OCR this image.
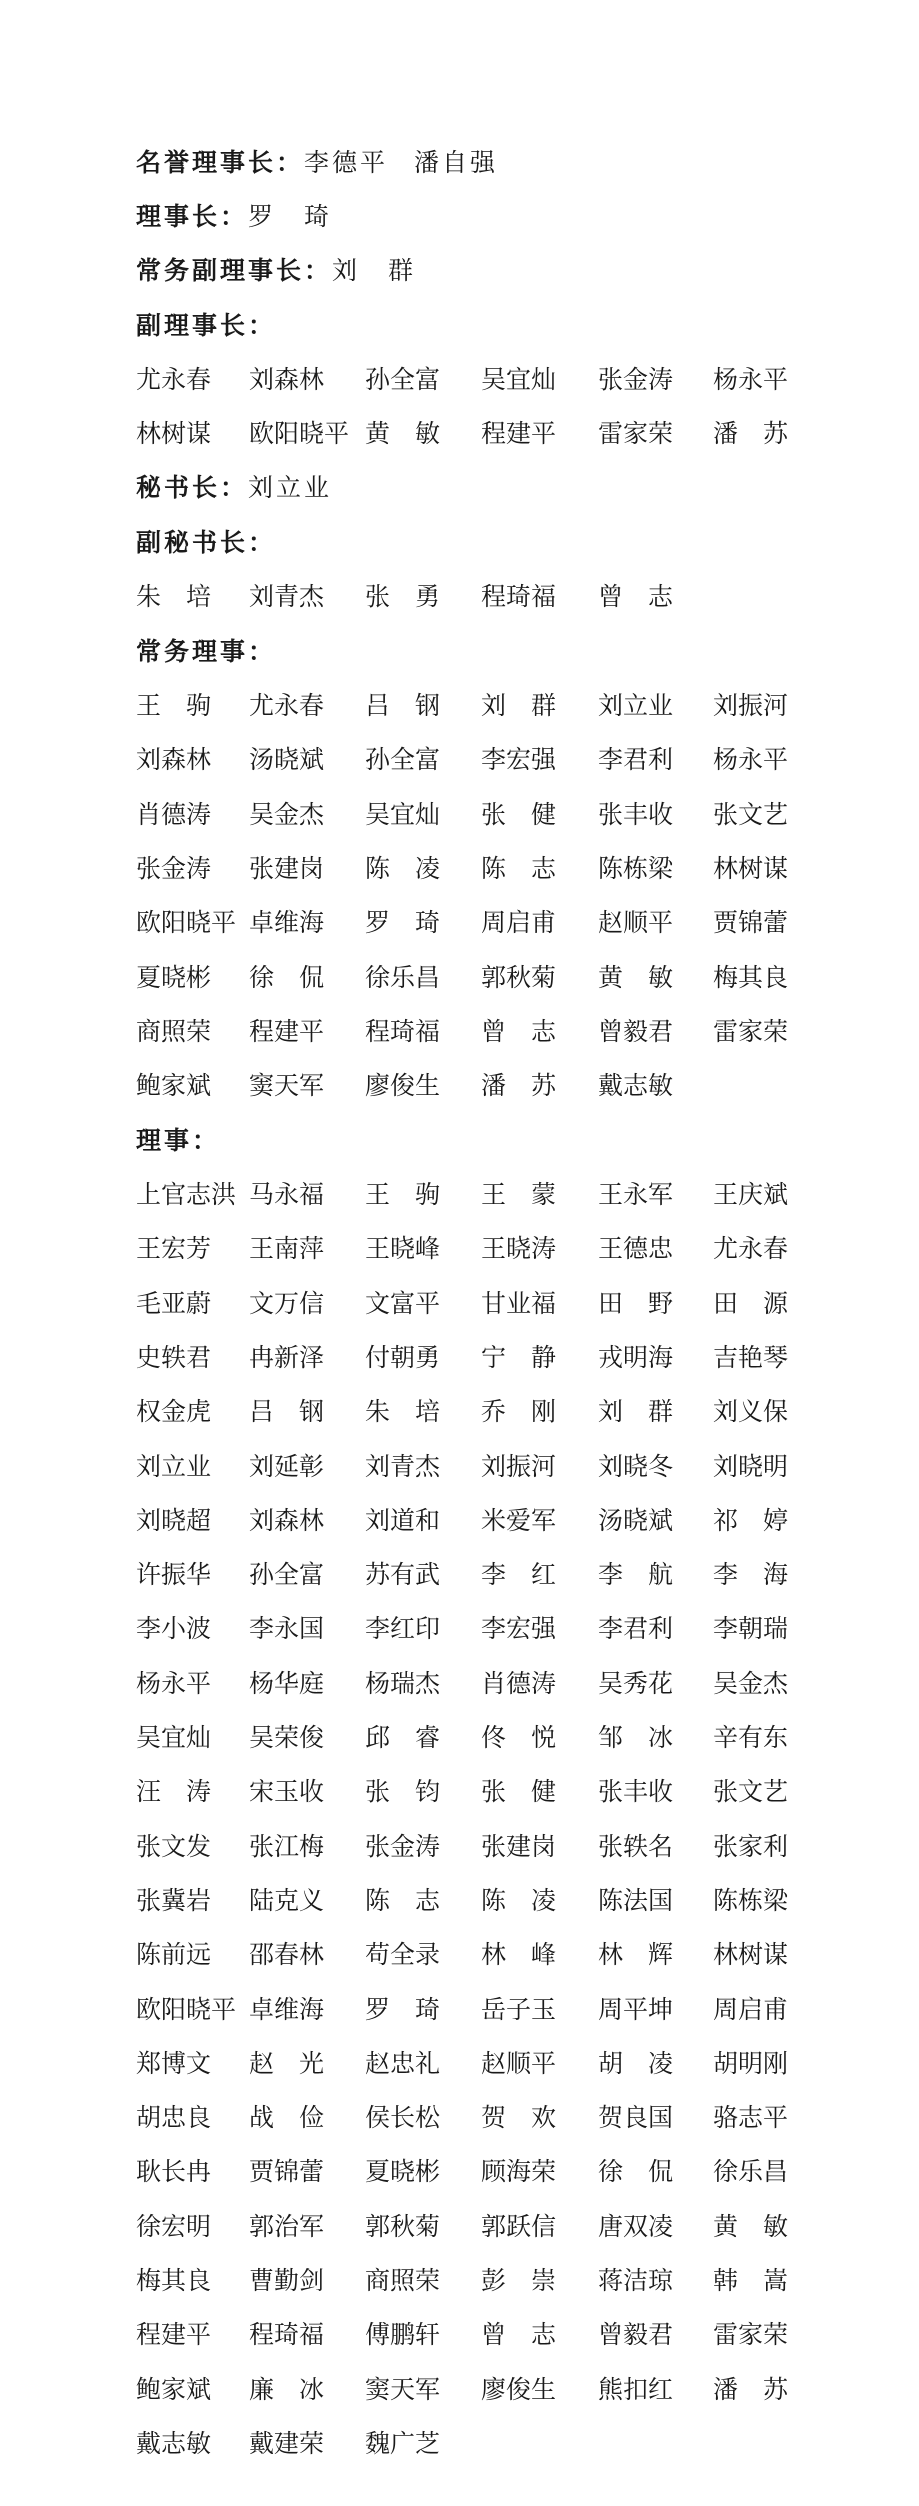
名誉理事长：李德平 潘自强
理事长：罗　琦
常务副理事长：刘　群
副理事长：
尤永春 刘森林 孙全富 吴宜灿 张金涛 杨永平
林树谋 欧阳晓平 黄　敏 程建平 雷家荣 潘　苏
秘书长：刘立业
副秘书长：
朱　培 刘青杰 张　勇 程琦福 曾　志
常务理事：
王　驹 尤永春 吕　钢 刘　群 刘立业 刘振河
刘森林 汤晓斌 孙全富 李宏强 李君利 杨永平
肖德涛 吴金杰 吴宜灿 张　健 张丰收 张文艺
张金涛 张建岗 陈　凌 陈　志 陈栋梁 林树谋
欧阳晓平 卓维海 罗　琦 周启甫 赵顺平 贾锦蕾
夏晓彬 徐　侃 徐乐昌 郭秋菊 黄　敏 梅其良
商照荣 程建平 程琦福 曾　志 曾毅君 雷家荣
鲍家斌 窦天军 廖俊生 潘　苏 戴志敏
理事：
上官志洪 马永福 王　驹 王　蒙 王永军 王庆斌
王宏芳 王南萍 王晓峰 王晓涛 王德忠 尤永春
毛亚蔚 文万信 文富平 甘业福 田　野 田　源
史轶君 冉新泽 付朝勇 宁　静 戎明海 吉艳琴
权金虎 吕　钢 朱　培 乔　刚 刘　群 刘义保
刘立业 刘延彰 刘青杰 刘振河 刘晓冬 刘晓明
刘晓超 刘森林 刘道和 米爱军 汤晓斌 祁　婷
许振华 孙全富 苏有武 李　红 李　航 李　海
李小波 李永国 李红印 李宏强 李君利 李朝瑞
杨永平 杨华庭 杨瑞杰 肖德涛 吴秀花 吴金杰
吴宜灿 吴荣俊 邱　睿 佟　悦 邹　冰 辛有东
汪　涛 宋玉收 张　钧 张　健 张丰收 张文艺
张文发 张江梅 张金涛 张建岗 张轶名 张家利
张冀岩 陆克义 陈　志 陈　凌 陈法国 陈栋梁
陈前远 邵春林 苟全录 林　峰 林　辉 林树谋
欧阳晓平 卓维海 罗　琦 岳子玉 周平坤 周启甫
郑博文 赵　光 赵忠礼 赵顺平 胡　凌 胡明刚
胡忠良 战　俭 侯长松 贺　欢 贺良国 骆志平
耿长冉 贾锦蕾 夏晓彬 顾海荣 徐　侃 徐乐昌
徐宏明 郭治军 郭秋菊 郭跃信 唐双凌 黄　敏
梅其良 曹勤剑 商照荣 彭　崇 蒋洁琼 韩　嵩
程建平 程琦福 傅鹏轩 曾　志 曾毅君 雷家荣
鲍家斌 廉　冰 窦天军 廖俊生 熊扣红 潘　苏
戴志敏 戴建荣 魏广芝
